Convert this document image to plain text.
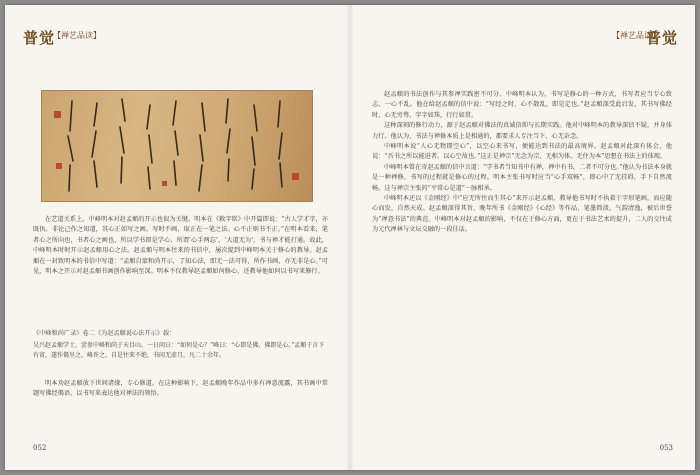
普觉
【禅艺品读】

在艺道关系上，中峰明本对赵孟頫的开示也很为关键。明本在《敕字铭》中开篇即说：“古人学才字，亦既执。非论己作之知道，其心正如写之画，写时不画，取正在一笔之法。心不正则书不正。”在明本看来，笔者心之所向也，书者心之画也，所以学书即是学心，所谓‘心手两忘’，‘大道无为’，书与禅才能打通。故此，中峰明本时时开示赵孟頫用心之法。赵孟頫与明本往来的书信中，屡次提到中峰明本关于修心的教导。赵孟頫在一封致明本的书信中写道：“孟頫自蒙和尚开示，了知心法，即无一法可得，所作书画，亦无非是心。”可见，明本之开示对赵孟頫书画创作影响至深。明本不仅教导赵孟頫如何修心，还教导他如何以书写来修行。

《中峰和尚广录》卷二《为赵孟頫说心法开示》载：
吴兴赵孟頫学士，尝参中峰和尚于天目山。一日问曰：“如何是心？”峰曰：“心即是佛，佛即是心。”孟頫于言下有省，遂作偈呈之。峰许之，自是往来不绝，书问无虚月，凡二十余年。

明本劝赵孟頫放下世间诸缘，专心修道。在这种影响下，赵孟頫晚年作品中多有禅意流露，其书画中常题写佛经偈语，以书写来表达他对禅法的领悟。

052
【禅艺品读】
普觉

赵孟頫的书法创作与其参禅实践密不可分。中峰明本认为，书写是修心的一种方式，书写者应当专心致志，一心不乱。他在给赵孟頫的信中说：“写经之时，心不散乱，即是定也。”赵孟頫深受此启发，其书写佛经时，心无旁骛，字字如珠，行行如贯。

这种深刻的修行动力，源于赵孟頫对佛法的真诚信仰与长期实践。他对中峰明本的教导深信不疑，并身体力行。他认为，书法与禅修本质上是相通的，都要求人专注当下、心无杂念。

中峰明本说“人心无物即空心”，以空心来书写，便能达到书法的最高境界。赵孟頫对此深有体会，他说：“吾书之所以能进者，以心空故也。”这正是禅宗“无念为宗、无相为体、无住为本”思想在书法上的体现。

中峰明本曾在寄赵孟頫的信中言道：“学书者当知书中有禅，禅中有书，二者不可分也。”他认为书法本身就是一种禅修，书写的过程就是修心的过程。明本主张书写时应当“心手双畅”，即心中了无挂碍，手下自然流畅。这与禅宗主张的“平常心是道”一脉相承。

中峰明本还以《金刚经》中“应无所住而生其心”来开示赵孟頫，教导他书写时不执着于字形笔画，而应随心而发，自然天成。赵孟頫深得其旨，晚年所书《金刚经》《心经》等作品，笔墨简淡，气韵清逸，被后世誉为“禅意书法”的典范。中峰明本对赵孟頫的影响，不仅在于修心方面，更在于书法艺术的提升，二人的交往成为元代禅林与文坛交融的一段佳话。

053
